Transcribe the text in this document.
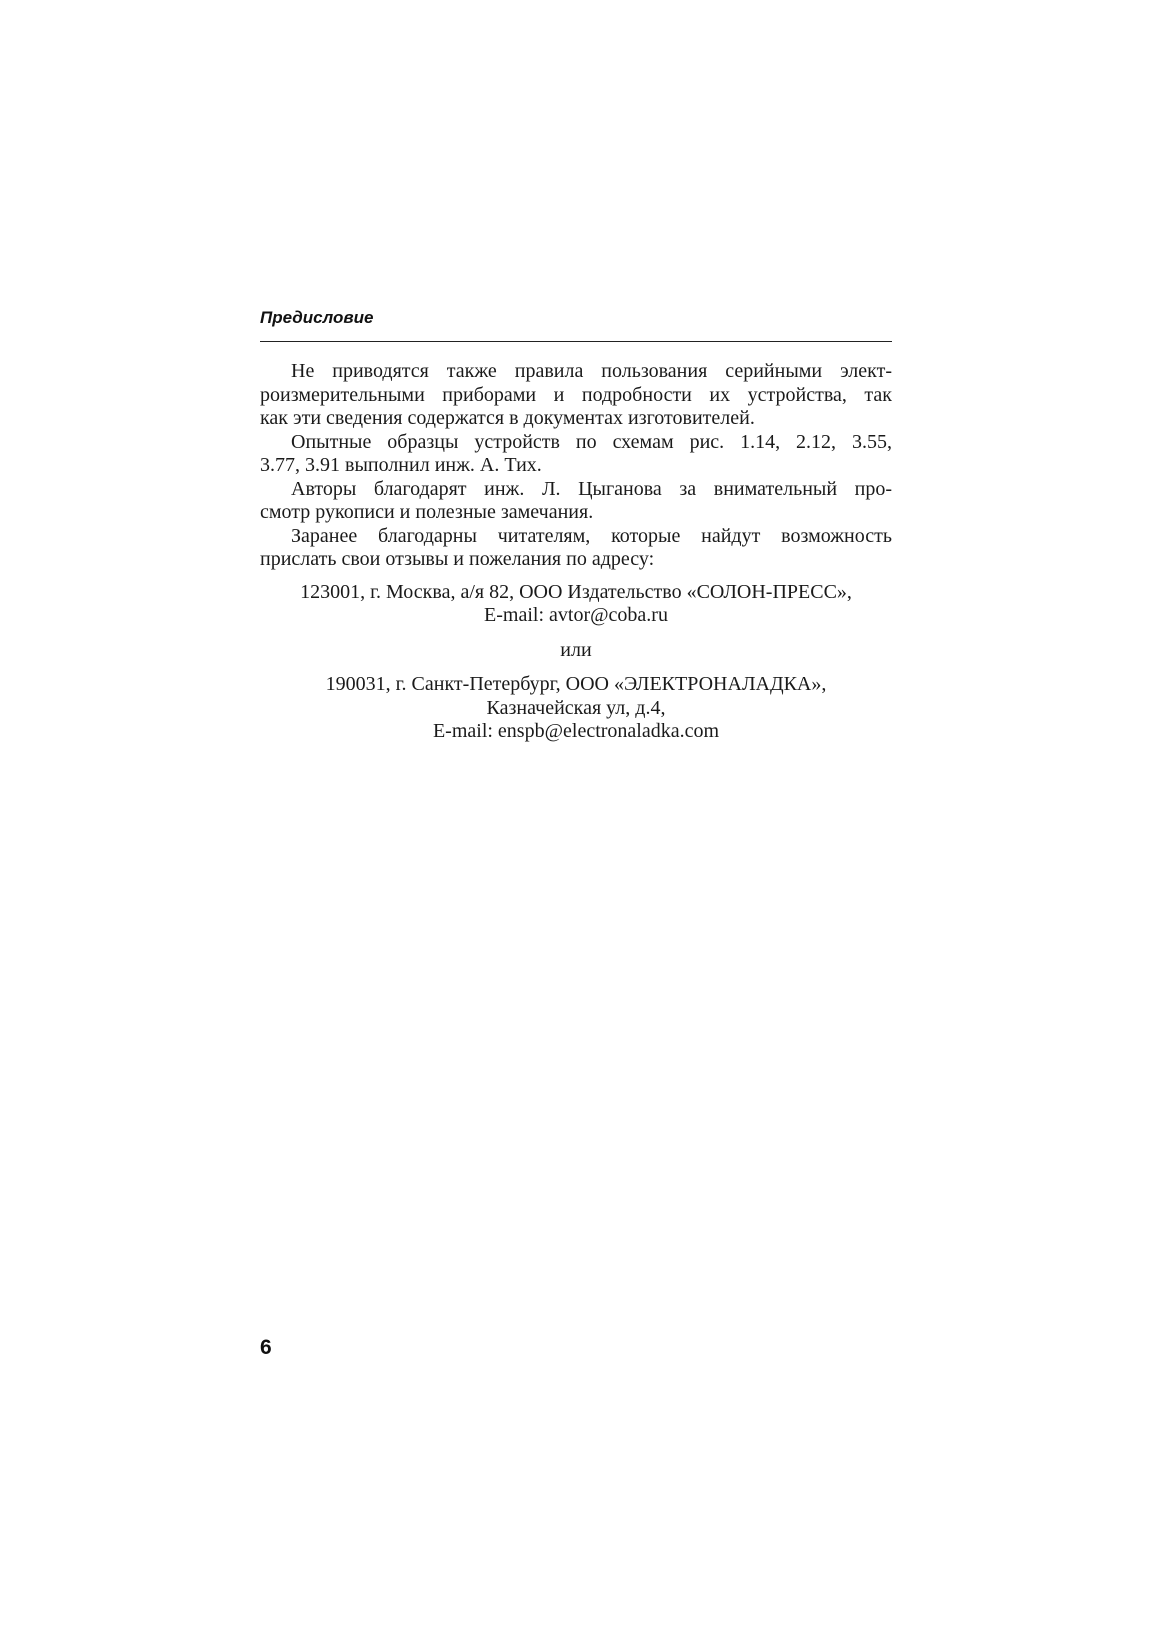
Предисловие

Не приводятся также правила пользования серийными элект-
роизмерительными приборами и подробности их устройства, так
как эти сведения содержатся в документах изготовителей.

Опытные образцы устройств по схемам рис. 1.14, 2.12, 3.55,
3.77, 3.91 выполнил инж. А. Тих.

Авторы благодарят инж. Л. Цыганова за внимательный про-
смотр рукописи и полезные замечания.

Заранее благодарны читателям, которые найдут возможность
прислать свои отзывы и пожелания по адресу:

123001, г. Москва, а/я 82, ООО Издательство «СОЛОН-ПРЕСС»,
E-mail: avtor@coba.ru

или

190031, г. Санкт-Петербург, ООО «ЭЛЕКТРОНАЛАДКА»,
Казначейская ул, д.4,
E-mail: enspb@electronaladka.com

6
